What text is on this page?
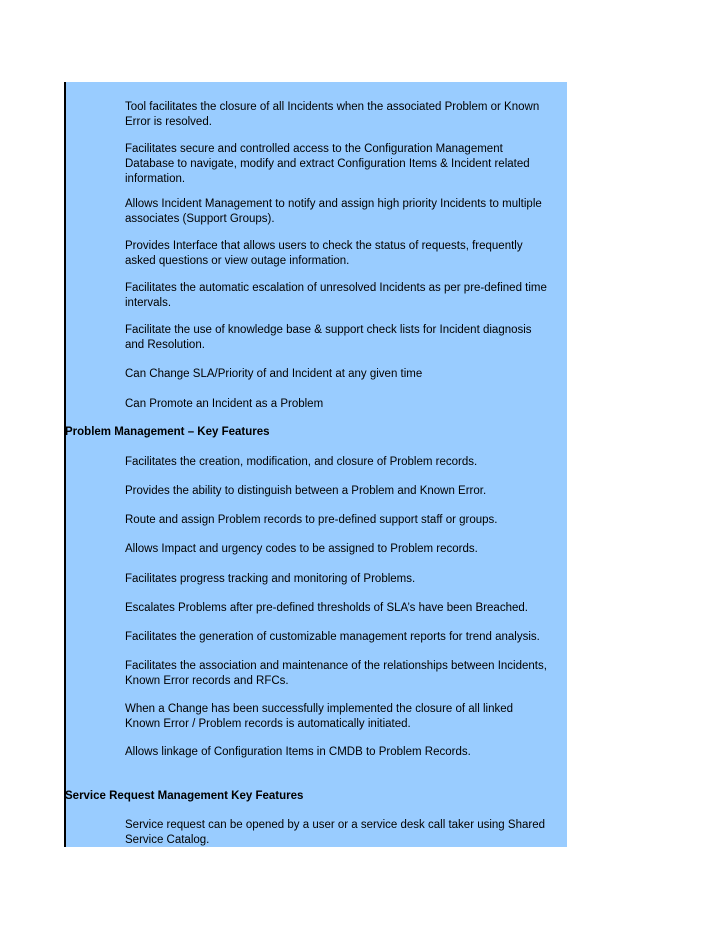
Tool facilitates the closure of all Incidents when the associated Problem or Known
Error is resolved.
Facilitates secure and controlled access to the Configuration Management
Database to navigate, modify and extract Configuration Items & Incident related
information.
Allows Incident Management to notify and assign high priority Incidents to multiple
associates (Support Groups).
Provides Interface that allows users to check the status of requests, frequently
asked questions or view outage information.
Facilitates the automatic escalation of unresolved Incidents as per pre-defined time
intervals.
Facilitate the use of knowledge base & support check lists for Incident diagnosis
and Resolution.
Can Change SLA/Priority of and Incident at any given time
Can Promote an Incident as a Problem
Problem Management – Key Features
Facilitates the creation, modification, and closure of Problem records.
Provides the ability to distinguish between a Problem and Known Error.
Route and assign Problem records to pre-defined support staff or groups.
Allows Impact and urgency codes to be assigned to Problem records.
Facilitates progress tracking and monitoring of Problems.
Escalates Problems after pre-defined thresholds of SLA’s have been Breached.
Facilitates the generation of customizable management reports for trend analysis.
Facilitates the association and maintenance of the relationships between Incidents,
Known Error records and RFCs.
When a Change has been successfully implemented the closure of all linked
Known Error / Problem records is automatically initiated.
Allows linkage of Configuration Items in CMDB to Problem Records.
Service Request Management Key Features
Service request can be opened by a user or a service desk call taker using Shared
Service Catalog.
